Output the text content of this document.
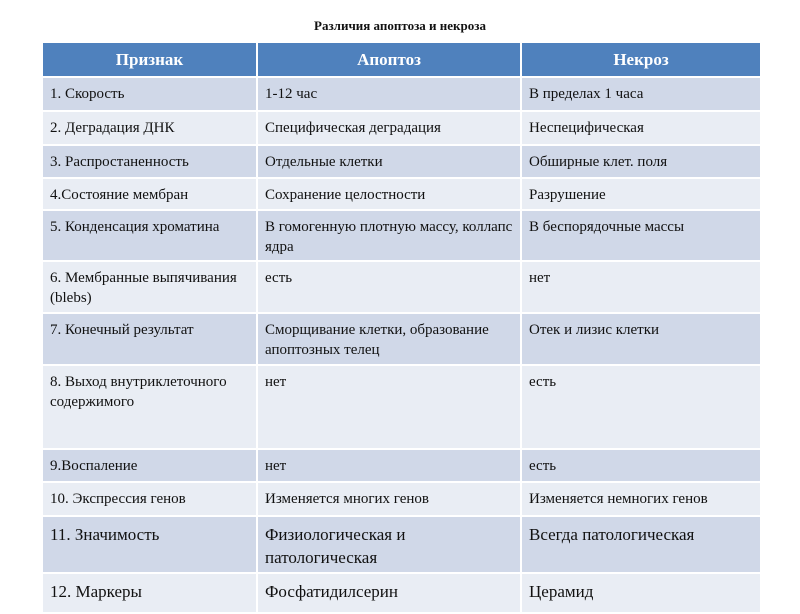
Различия апоптоза и некроза
Признак	Апоптоз	Некроз
1. Скорость	1-12 час	В пределах 1 часа
2. Деградация ДНК	Специфическая деградация	Неспецифическая
3. Распростаненность	Отдельные клетки	Обширные клет. поля
4.Состояние мембран	Сохранение целостности	Разрушение
5. Конденсация хроматина	В гомогенную плотную массу, коллапс ядра	В беспорядочные массы
6. Мембранные выпячивания (blebs)	есть	нет
7. Конечный результат	Сморщивание клетки, образование апоптозных телец	Отек и лизис клетки
8. Выход внутриклеточного содержимого	нет	есть
9.Воспаление	нет	есть
10. Экспрессия генов	Изменяется многих генов	Изменяется немногих генов
11. Значимость	Физиологическая и патологическая	Всегда патологическая
12. Маркеры	Фосфатидилсерин	Церамид
